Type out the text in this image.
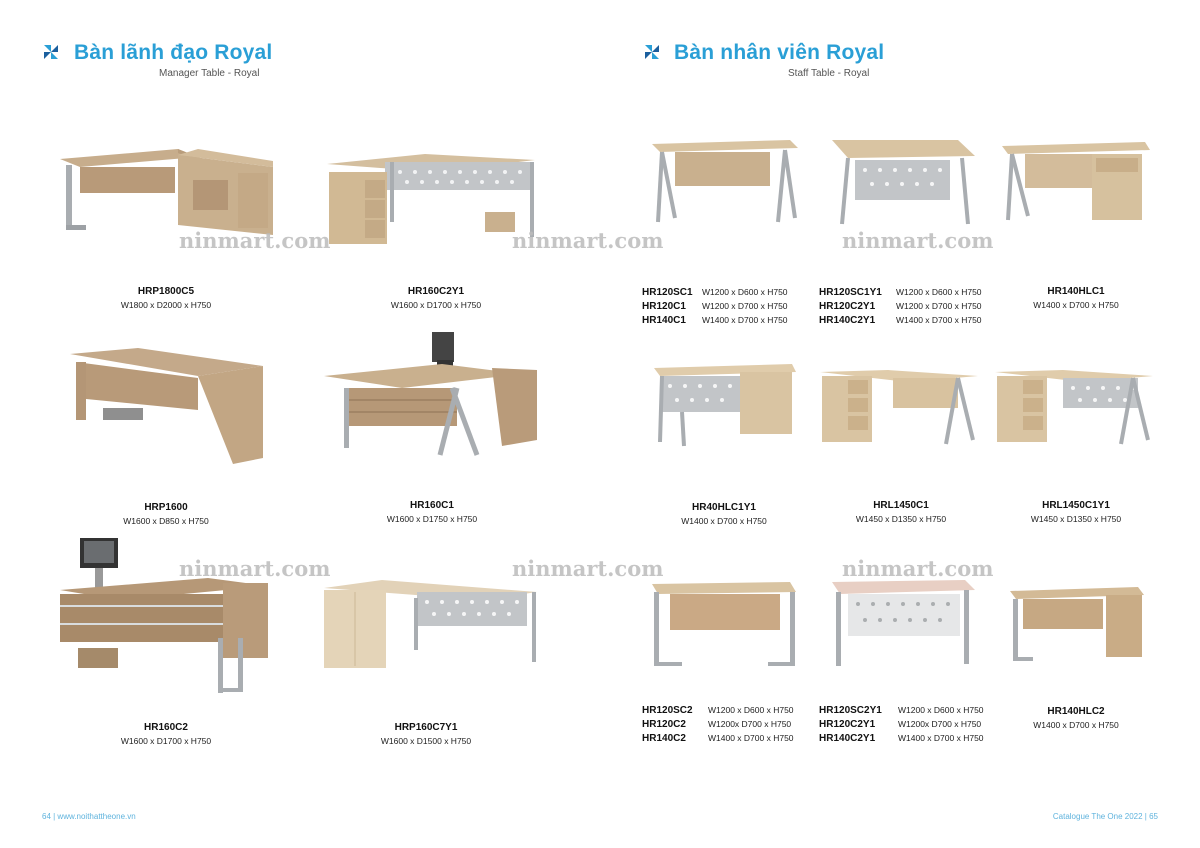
Bàn lãnh đạo Royal
Manager Table - Royal
Bàn nhân viên Royal
Staff Table - Royal
HRP1800C5
W1800 x D2000 x H750
HR160C2Y1
W1600 x D1700 x H750
HRP1600
W1600 x D850 x H750
HR160C1
W1600 x D1750 x H750
HR160C2
W1600 x D1700 x H750
HRP160C7Y1
W1600 x D1500 x H750
ninmart.com	ninmart.com	ninmart.com
ninmart.com	ninmart.com	ninmart.com
HR120SC1	W1200 x D600 x H750
HR120C1	W1200 x D700 x H750
HR140C1	W1400 x D700 x H750
HR120SC1Y1	W1200 x D600 x H750
HR120C2Y1	W1200 x D700 x H750
HR140C2Y1	W1400 x D700 x H750
HR140HLC1
W1400 x D700 x H750
HR40HLC1Y1
W1400 x D700 x H750
HRL1450C1
W1450 x D1350 x H750
HRL1450C1Y1
W1450 x D1350 x H750
HR120SC2	W1200 x D600 x H750
HR120C2	W1200x D700 x H750
HR140C2	W1400 x D700 x H750
HR120SC2Y1	W1200 x D600 x H750
HR120C2Y1	W1200x D700 x H750
HR140C2Y1	W1400 x D700 x H750
HR140HLC2
W1400 x D700 x H750
64 | www.noithattheone.vn	Catalogue The One 2022 | 65
